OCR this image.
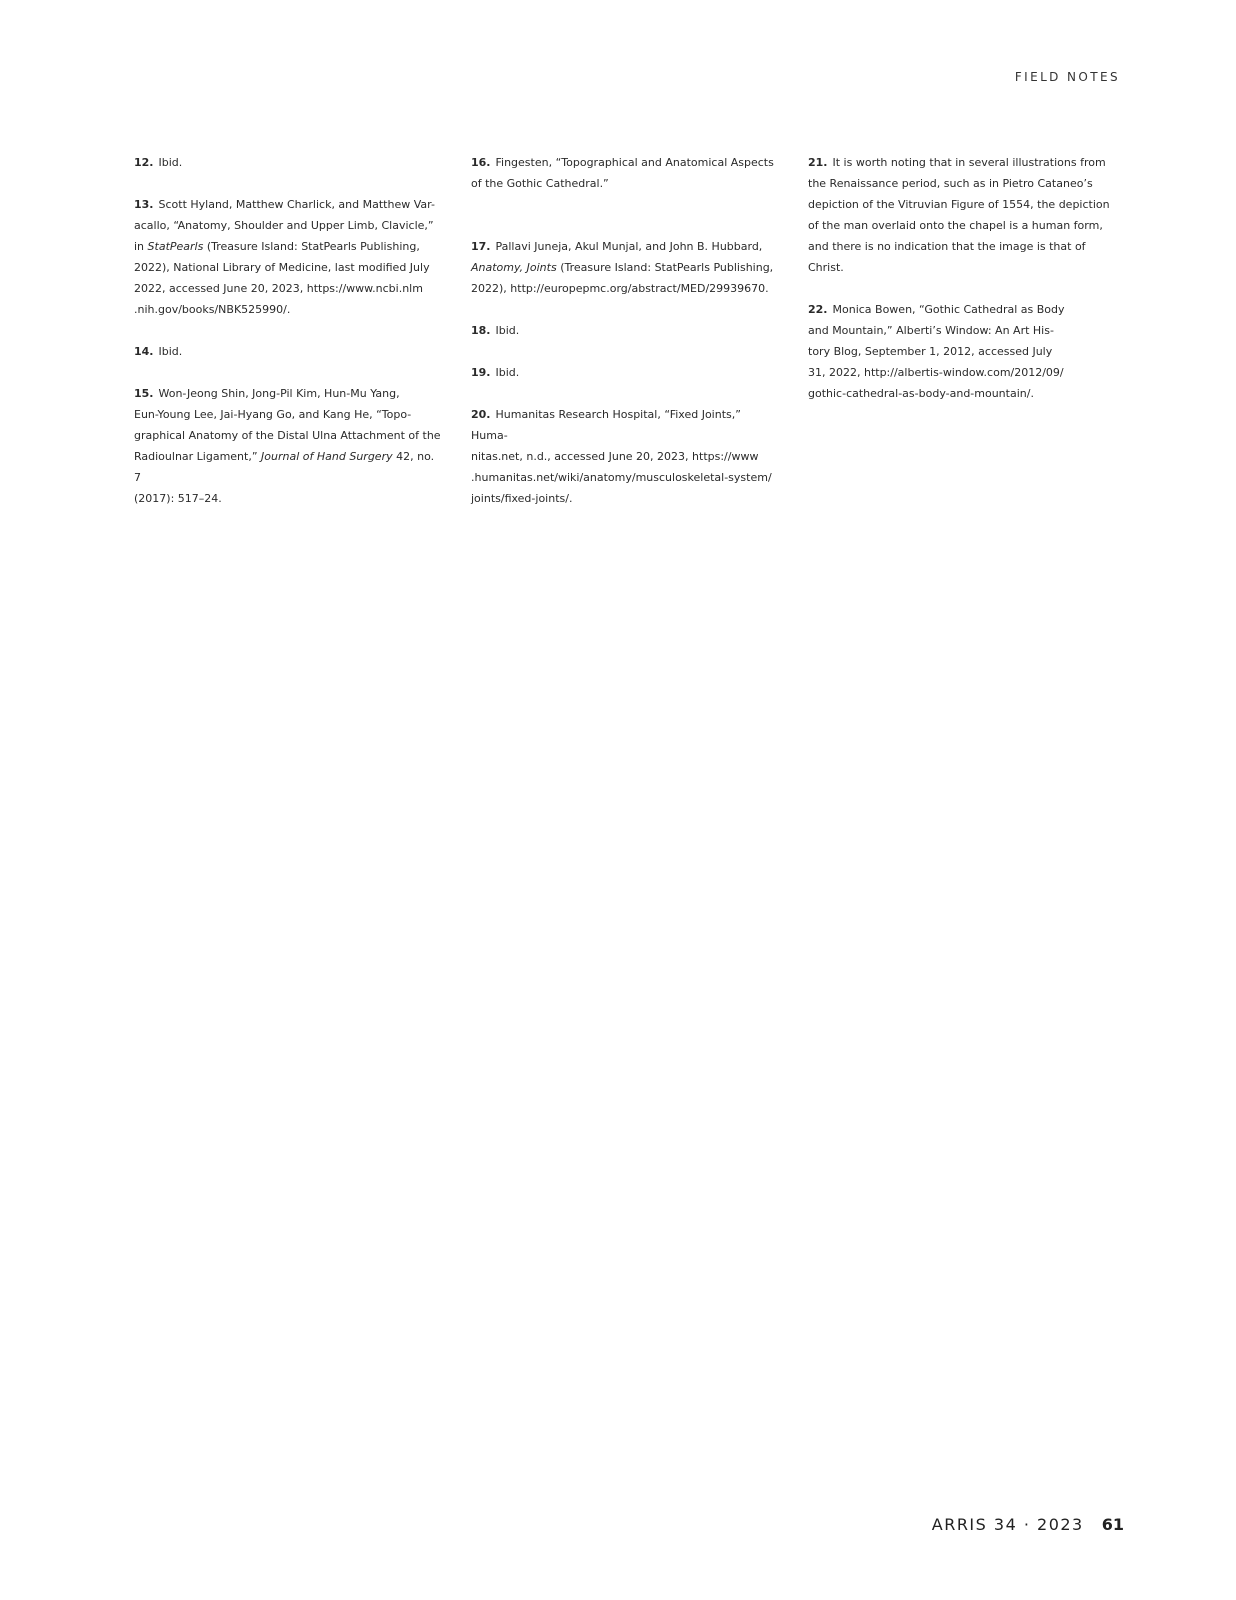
FIELD NOTES
12. Ibid.
13. Scott Hyland, Matthew Charlick, and Matthew Var-
acallo, “Anatomy, Shoulder and Upper Limb, Clavicle,”
in StatPearls (Treasure Island: StatPearls Publishing,
2022), National Library of Medicine, last modified July
2022, accessed June 20, 2023, https://www.ncbi.nlm
.nih.gov/books/NBK525990/.
14. Ibid.
15. Won-Jeong Shin, Jong-Pil Kim, Hun-Mu Yang,
Eun-Young Lee, Jai-Hyang Go, and Kang He, “Topo-
graphical Anatomy of the Distal Ulna Attachment of the
Radioulnar Ligament,” Journal of Hand Surgery 42, no. 7
(2017): 517–24.
16. Fingesten, “Topographical and Anatomical Aspects
of the Gothic Cathedral.”
17. Pallavi Juneja, Akul Munjal, and John B. Hubbard,
Anatomy, Joints (Treasure Island: StatPearls Publishing,
2022), http://europepmc.org/abstract/MED/29939670.
18. Ibid.
19. Ibid.
20. Humanitas Research Hospital, “Fixed Joints,” Huma-
nitas.net, n.d., accessed June 20, 2023, https://www
.humanitas.net/wiki/anatomy/musculoskeletal-system/
joints/fixed-joints/.
21. It is worth noting that in several illustrations from
the Renaissance period, such as in Pietro Cataneo’s
depiction of the Vitruvian Figure of 1554, the depiction
of the man overlaid onto the chapel is a human form,
and there is no indication that the image is that of
Christ.
22. Monica Bowen, “Gothic Cathedral as Body
and Mountain,” Alberti’s Window: An Art His-
tory Blog, September 1, 2012, accessed July
31, 2022, http://albertis-window.com/2012/09/
gothic-cathedral-as-body-and-mountain/.
ARRIS 34 · 2023 61
